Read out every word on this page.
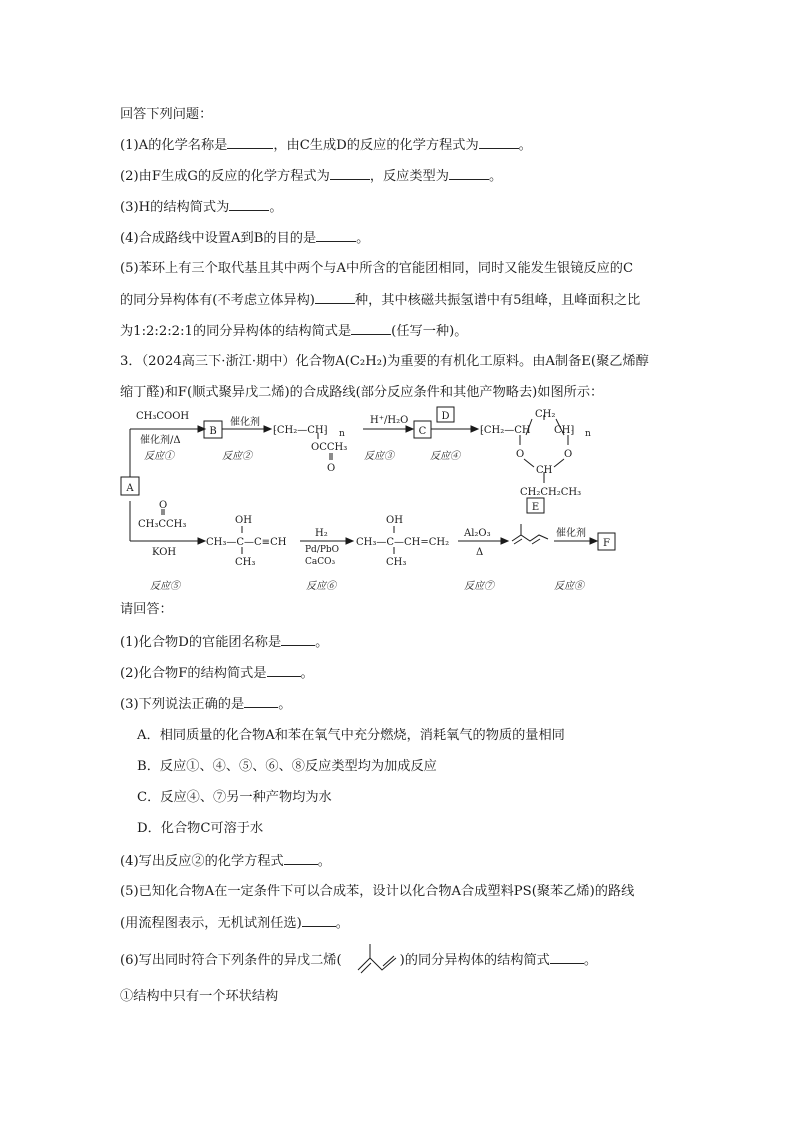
回答下列问题：
(1)A的化学名称是	，由C生成D的反应的化学方程式为	。
(2)由F生成G的反应的化学方程式为	，反应类型为	。
(3)H的结构简式为	。
(4)合成路线中设置A到B的目的是	。
(5)苯环上有三个取代基且其中两个与A中所含的官能团相同，同时又能发生银镜反应的C
的同分异构体有(不考虑立体异构)	种，其中核磁共振氢谱中有5组峰，且峰面积之比
为1:2:2:2:1的同分异构体的结构简式是	(任写一种)。
3．（2024高三下·浙江·期中）化合物A(C₂H₂)为重要的有机化工原料。由A制备E(聚乙烯醇
缩丁醛)和F(顺式聚异戊二烯)的合成路线(部分反应条件和其他产物略去)如图所示：
A
B	C
D
E
F
CH₃COOH
催化剂/Δ
反应①
催化剂
反应②
⁅CH₂—CH⁆ n
OCCH₃
O
H⁺/H₂O
反应③	反应④
CH₂
⁅CH₂—CH CH⁆ n
O	O
CH
CH₂CH₂CH₃
O
CH₃CCH₃
KOH
反应⑤
OH
CH₃—C—C≡CH
CH₃
H₂
Pd/PbO
CaCO₃
反应⑥
OH
CH₃—C—CH=CH₂
CH₃
Al₂O₃
Δ
反应⑦
催化剂
反应⑧
请回答：
(1)化合物D的官能团名称是	。
(2)化合物F的结构简式是	。
(3)下列说法正确的是	。
A．相同质量的化合物A和苯在氧气中充分燃烧，消耗氧气的物质的量相同
B．反应①、④、⑤、⑥、⑧反应类型均为加成反应
C．反应④、⑦另一种产物均为水
D．化合物C可溶于水
(4)写出反应②的化学方程式	。
(5)已知化合物A在一定条件下可以合成苯，设计以化合物A合成塑料PS(聚苯乙烯)的路线
(用流程图表示，无机试剂任选)	。
(6)写出同时符合下列条件的异戊二烯(	)的同分异构体的结构简式	。
①结构中只有一个环状结构
